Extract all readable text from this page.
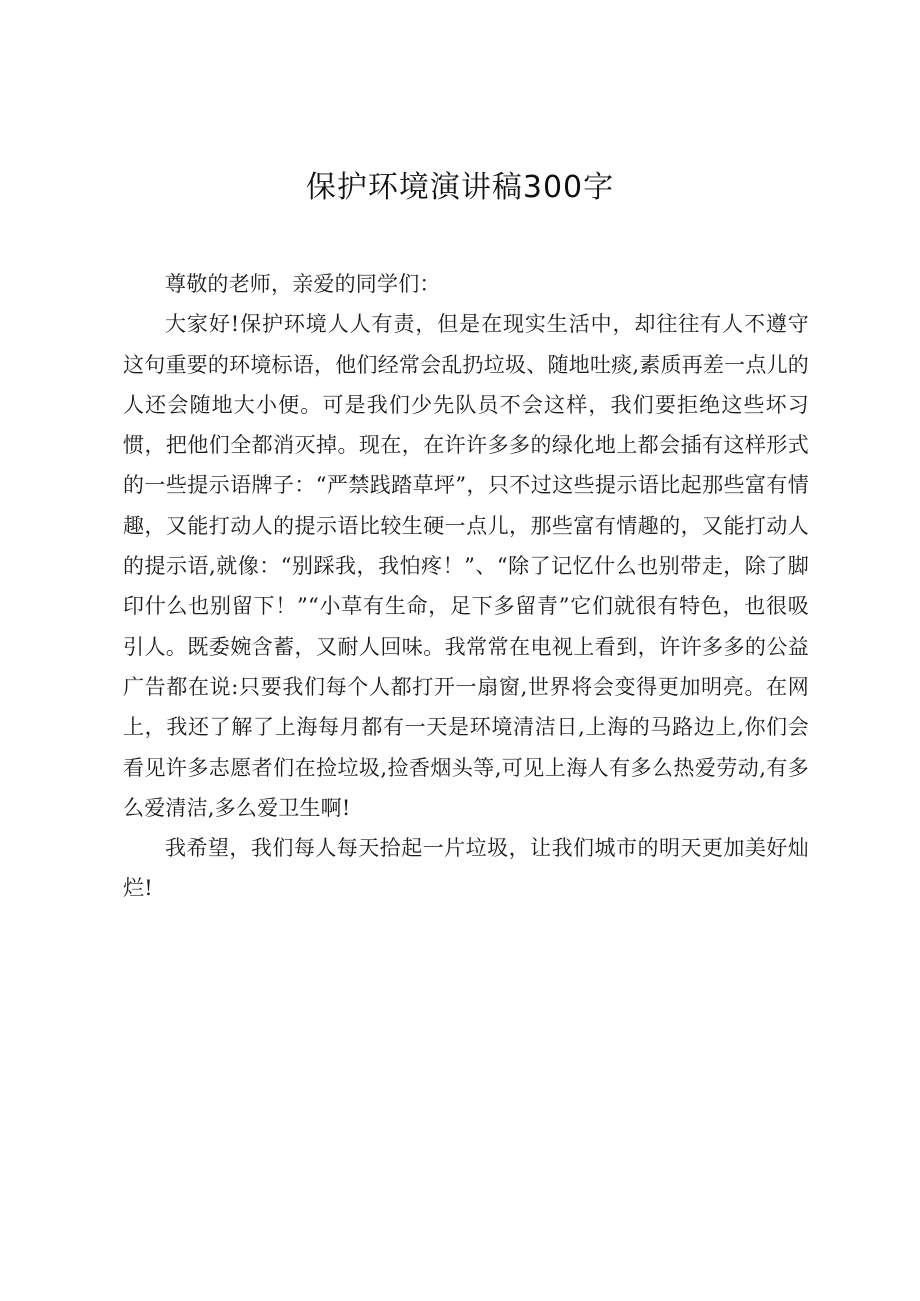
保护环境演讲稿300字

尊敬的老师，亲爱的同学们：

大家好!保护环境人人有责，但是在现实生活中，却往往有人不遵守这句重要的环境标语，他们经常会乱扔垃圾、随地吐痰,素质再差一点儿的人还会随地大小便。可是我们少先队员不会这样，我们要拒绝这些坏习惯，把他们全都消灭掉。现在，在许许多多的绿化地上都会插有这样形式的一些提示语牌子：“严禁践踏草坪”，只不过这些提示语比起那些富有情趣，又能打动人的提示语比较生硬一点儿，那些富有情趣的，又能打动人的提示语,就像：“别踩我，我怕疼！”、“除了记忆什么也别带走，除了脚印什么也别留下！”“小草有生命，足下多留青”它们就很有特色，也很吸引人。既委婉含蓄，又耐人回味。我常常在电视上看到，许许多多的公益广告都在说:只要我们每个人都打开一扇窗,世界将会变得更加明亮。在网上，我还了解了上海每月都有一天是环境清洁日,上海的马路边上,你们会看见许多志愿者们在捡垃圾,捡香烟头等,可见上海人有多么热爱劳动,有多么爱清洁,多么爱卫生啊!

我希望，我们每人每天拾起一片垃圾，让我们城市的明天更加美好灿烂!
